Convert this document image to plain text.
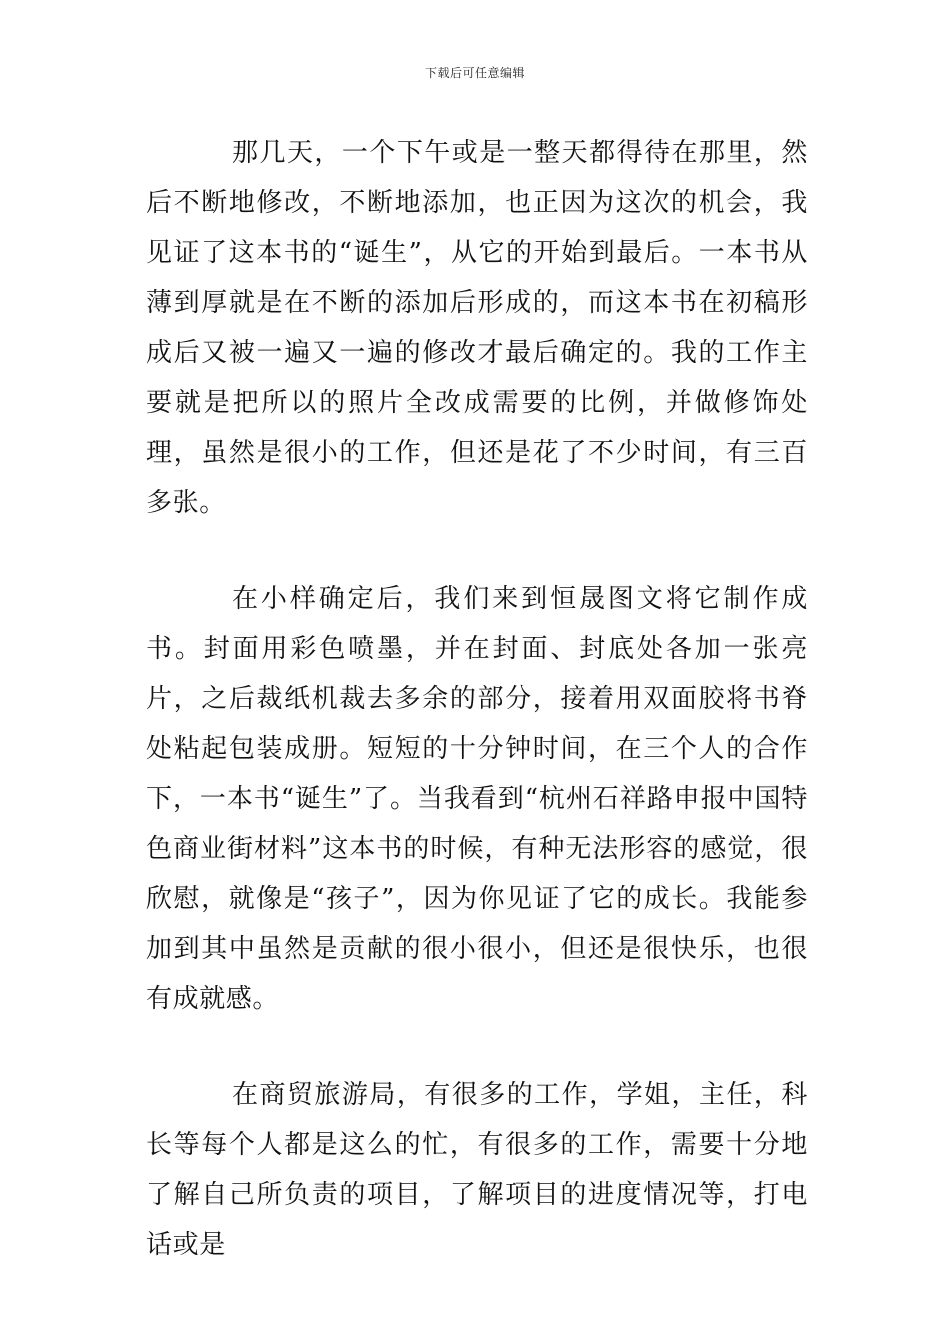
下载后可任意编辑

那几天，一个下午或是一整天都得待在那里，然后不断地修改，不断地添加，也正因为这次的机会，我见证了这本书的“诞生”，从它的开始到最后。一本书从薄到厚就是在不断的添加后形成的，而这本书在初稿形成后又被一遍又一遍的修改才最后确定的。我的工作主要就是把所以的照片全改成需要的比例，并做修饰处理，虽然是很小的工作，但还是花了不少时间，有三百多张。

在小样确定后，我们来到恒晟图文将它制作成书。封面用彩色喷墨，并在封面、封底处各加一张亮片，之后裁纸机裁去多余的部分，接着用双面胶将书脊处粘起包装成册。短短的十分钟时间，在三个人的合作下，一本书“诞生”了。当我看到“杭州石祥路申报中国特色商业街材料”这本书的时候，有种无法形容的感觉，很欣慰，就像是“孩子”，因为你见证了它的成长。我能参加到其中虽然是贡献的很小很小，但还是很快乐，也很有成就感。

在商贸旅游局，有很多的工作，学姐，主任，科长等每个人都是这么的忙，有很多的工作，需要十分地了解自己所负责的项目，了解项目的进度情况等，打电话或是
